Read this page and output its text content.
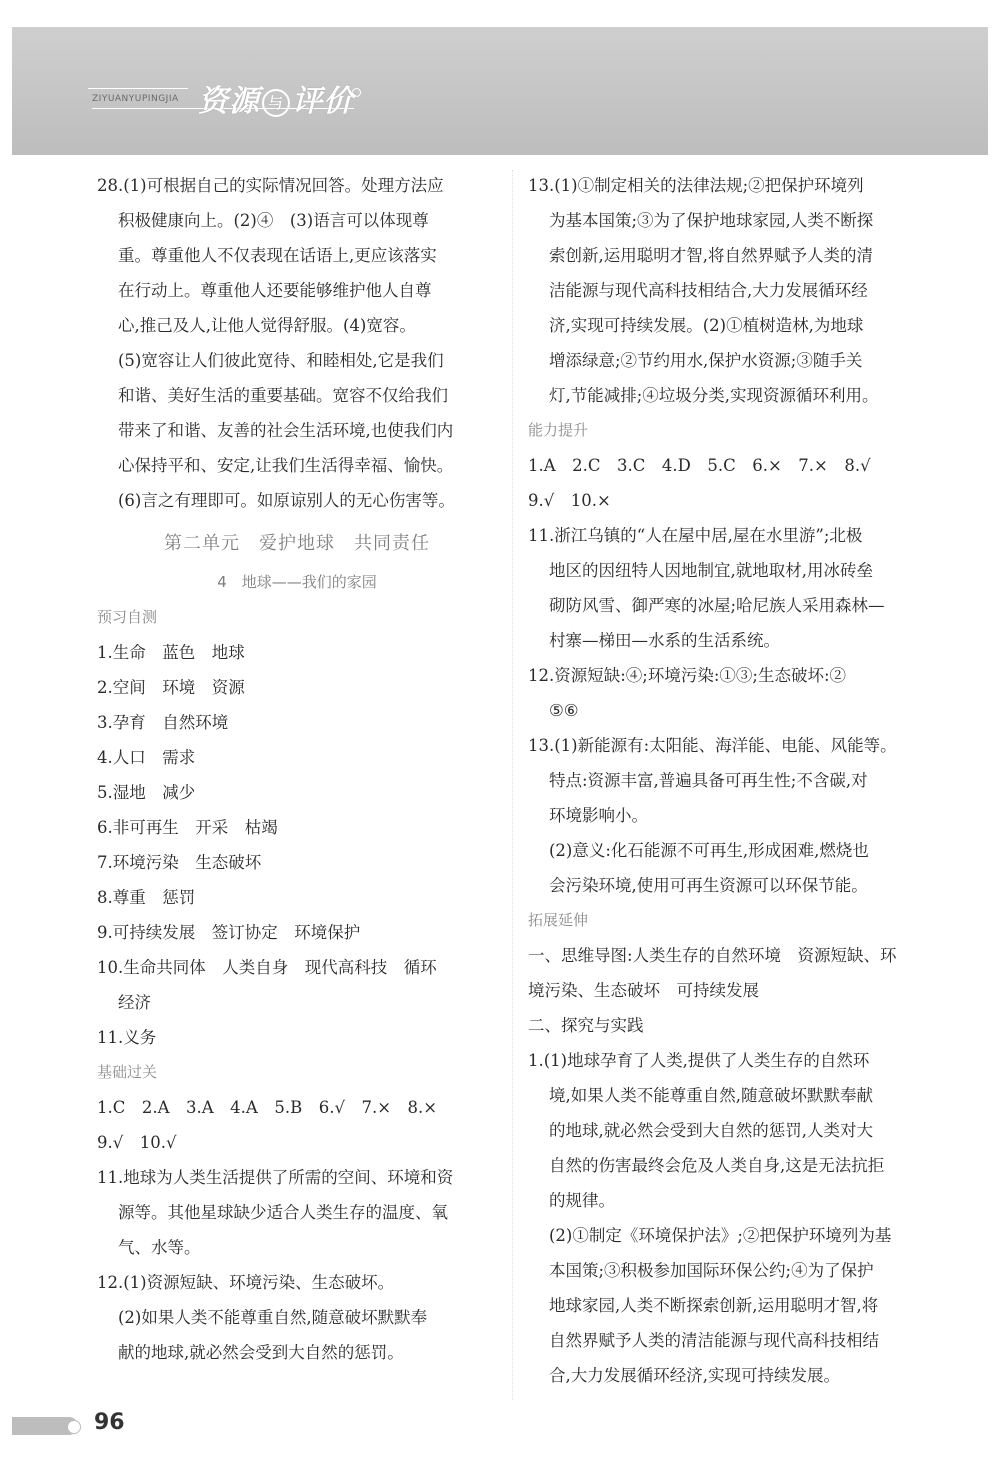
ZIYUANYUPINGJIA 资源 与 评价

28.(1)可根据自己的实际情况回答。处理方法应

积极健康向上。(2)④　(3)语言可以体现尊

重。尊重他人不仅表现在话语上,更应该落实

在行动上。尊重他人还要能够维护他人自尊

心,推己及人,让他人觉得舒服。(4)宽容。

(5)宽容让人们彼此宽待、和睦相处,它是我们

和谐、美好生活的重要基础。宽容不仅给我们

带来了和谐、友善的社会生活环境,也使我们内

心保持平和、安定,让我们生活得幸福、愉快。

(6)言之有理即可。如原谅别人的无心伤害等。

第二单元　爱护地球　共同责任
4　地球——我们的家园
预习自测

1.生命　蓝色　地球

2.空间　环境　资源

3.孕育　自然环境

4.人口　需求

5.湿地　减少

6.非可再生　开采　枯竭

7.环境污染　生态破坏

8.尊重　惩罚

9.可持续发展　签订协定　环境保护

10.生命共同体　人类自身　现代高科技　循环

经济

11.义务

基础过关

1.C　2.A　3.A　4.A　5.B　6.√　7.×　8.×

9.√　10.√

11.地球为人类生活提供了所需的空间、环境和资

源等。其他星球缺少适合人类生存的温度、氧

气、水等。

12.(1)资源短缺、环境污染、生态破坏。

(2)如果人类不能尊重自然,随意破坏默默奉

献的地球,就必然会受到大自然的惩罚。

13.(1)①制定相关的法律法规;②把保护环境列

为基本国策;③为了保护地球家园,人类不断探

索创新,运用聪明才智,将自然界赋予人类的清

洁能源与现代高科技相结合,大力发展循环经

济,实现可持续发展。(2)①植树造林,为地球

增添绿意;②节约用水,保护水资源;③随手关

灯,节能减排;④垃圾分类,实现资源循环利用。

能力提升

1.A　2.C　3.C　4.D　5.C　6.×　7.×　8.√

9.√　10.×

11.浙江乌镇的“人在屋中居,屋在水里游”;北极

地区的因纽特人因地制宜,就地取材,用冰砖垒

砌防风雪、御严寒的冰屋;哈尼族人采用森林—

村寨—梯田—水系的生活系统。

12.资源短缺:④;环境污染:①③;生态破坏:②

⑤⑥

13.(1)新能源有:太阳能、海洋能、电能、风能等。

特点:资源丰富,普遍具备可再生性;不含碳,对

环境影响小。

(2)意义:化石能源不可再生,形成困难,燃烧也

会污染环境,使用可再生资源可以环保节能。

拓展延伸

一、思维导图:人类生存的自然环境　资源短缺、环

境污染、生态破坏　可持续发展

二、探究与实践

1.(1)地球孕育了人类,提供了人类生存的自然环

境,如果人类不能尊重自然,随意破坏默默奉献

的地球,就必然会受到大自然的惩罚,人类对大

自然的伤害最终会危及人类自身,这是无法抗拒

的规律。

(2)①制定《环境保护法》;②把保护环境列为基

本国策;③积极参加国际环保公约;④为了保护

地球家园,人类不断探索创新,运用聪明才智,将

自然界赋予人类的清洁能源与现代高科技相结

合,大力发展循环经济,实现可持续发展。

96
